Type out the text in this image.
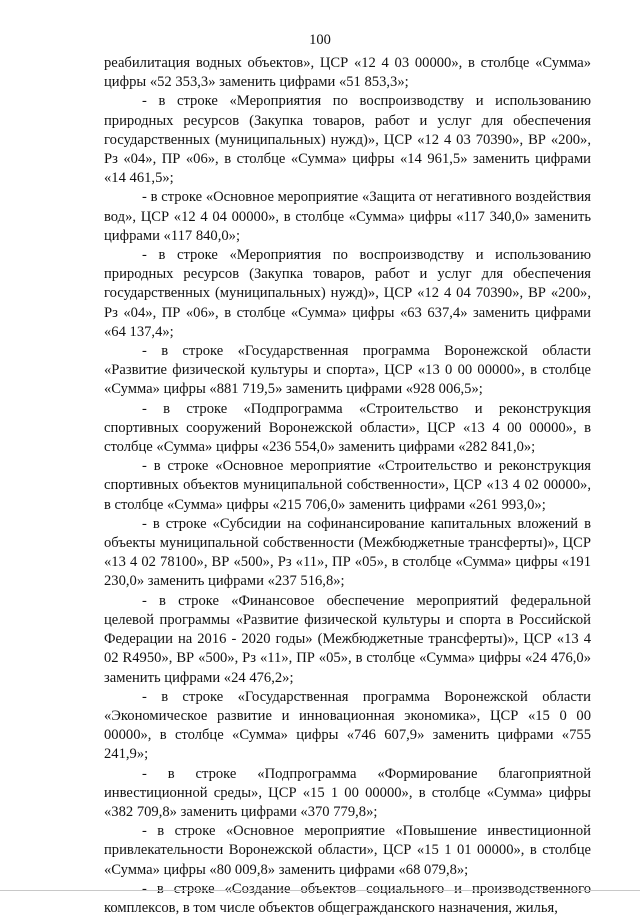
100

реабилитация водных объектов», ЦСР «12 4 03 00000», в столбце «Сумма» цифры «52 353,3» заменить цифрами «51 853,3»;

- в строке «Мероприятия по воспроизводству и использованию природных ресурсов (Закупка товаров, работ и услуг для обеспечения государственных (муниципальных) нужд)», ЦСР «12 4 03 70390», ВР «200», Рз «04», ПР «06», в столбце «Сумма» цифры «14 961,5» заменить цифрами «14 461,5»;

- в строке «Основное мероприятие «Защита от негативного воздействия вод», ЦСР «12 4 04 00000», в столбце «Сумма» цифры «117 340,0» заменить цифрами «117 840,0»;

- в строке «Мероприятия по воспроизводству и использованию природных ресурсов (Закупка товаров, работ и услуг для обеспечения государственных (муниципальных) нужд)», ЦСР «12 4 04 70390», ВР «200», Рз «04», ПР «06», в столбце «Сумма» цифры «63 637,4» заменить цифрами «64 137,4»;

- в строке «Государственная программа Воронежской области «Развитие физической культуры и спорта», ЦСР «13 0 00 00000», в столбце «Сумма» цифры «881 719,5» заменить цифрами «928 006,5»;

- в строке «Подпрограмма «Строительство и реконструкция спортивных сооружений Воронежской области», ЦСР «13 4 00 00000», в столбце «Сумма» цифры «236 554,0» заменить цифрами «282 841,0»;

- в строке «Основное мероприятие «Строительство и реконструкция спортивных объектов муниципальной собственности», ЦСР «13 4 02 00000», в столбце «Сумма» цифры «215 706,0» заменить цифрами «261 993,0»;

- в строке «Субсидии на софинансирование капитальных вложений в объекты муниципальной собственности (Межбюджетные трансферты)», ЦСР «13 4 02 78100», ВР «500», Рз «11», ПР «05», в столбце «Сумма» цифры «191 230,0» заменить цифрами «237 516,8»;

- в строке «Финансовое обеспечение мероприятий федеральной целевой программы «Развитие физической культуры и спорта в Российской Федерации на 2016 - 2020 годы» (Межбюджетные трансферты)», ЦСР «13 4 02 R4950», ВР «500», Рз «11», ПР «05», в столбце «Сумма» цифры «24 476,0» заменить цифрами «24 476,2»;

- в строке «Государственная программа Воронежской области «Экономическое развитие и инновационная экономика», ЦСР «15 0 00 00000», в столбце «Сумма» цифры «746 607,9» заменить цифрами «755 241,9»;

- в строке «Подпрограмма «Формирование благоприятной инвестиционной среды», ЦСР «15 1 00 00000», в столбце «Сумма» цифры «382 709,8» заменить цифрами «370 779,8»;

- в строке «Основное мероприятие «Повышение инвестиционной привлекательности Воронежской области», ЦСР «15 1 01 00000», в столбце «Сумма» цифры «80 009,8» заменить цифрами «68 079,8»;

- в строке «Создание объектов социального и производственного комплексов, в том числе объектов общегражданского назначения, жилья,
